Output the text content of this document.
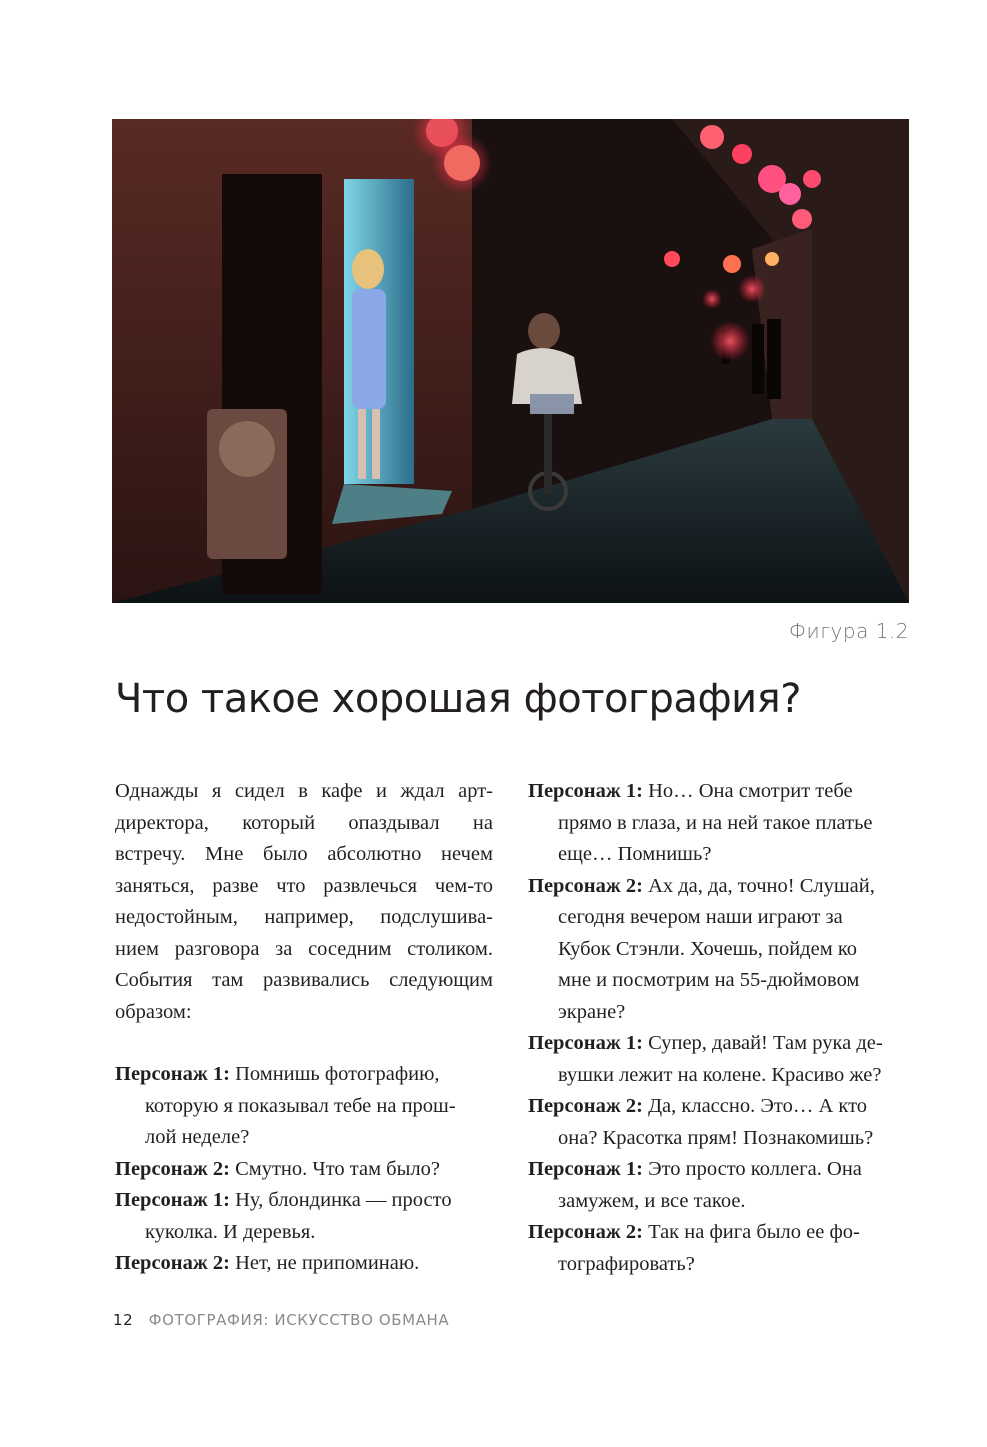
Фигура 1.2
Что такое хорошая фотография?
Однажды я сидел в кафе и ждал арт-
директора, который опаздывал на
встречу. Мне было абсолютно нечем
заняться, разве что развлечься чем-то
недостойным, например, подслушива-
нием разговора за соседним столиком.
События там развивались следующим
образом:
Персонаж 1: Помнишь фотографию,
которую я показывал тебе на прош-
лой неделе?
Персонаж 2: Смутно. Что там было?
Персонаж 1: Ну, блондинка — просто
куколка. И деревья.
Персонаж 2: Нет, не припоминаю.
Персонаж 1: Но… Она смотрит тебе
прямо в глаза, и на ней такое платье
еще… Помнишь?
Персонаж 2: Ах да, да, точно! Слушай,
сегодня вечером наши играют за
Кубок Стэнли. Хочешь, пойдем ко
мне и посмотрим на 55-дюймовом
экране?
Персонаж 1: Супер, давай! Там рука де-
вушки лежит на колене. Красиво же?
Персонаж 2: Да, классно. Это… А кто
она? Красотка прям! Познакомишь?
Персонаж 1: Это просто коллега. Она
замужем, и все такое.
Персонаж 2: Так на фига было ее фо-
тографировать?
12 ФОТОГРАФИЯ: ИСКУССТВО ОБМАНА
